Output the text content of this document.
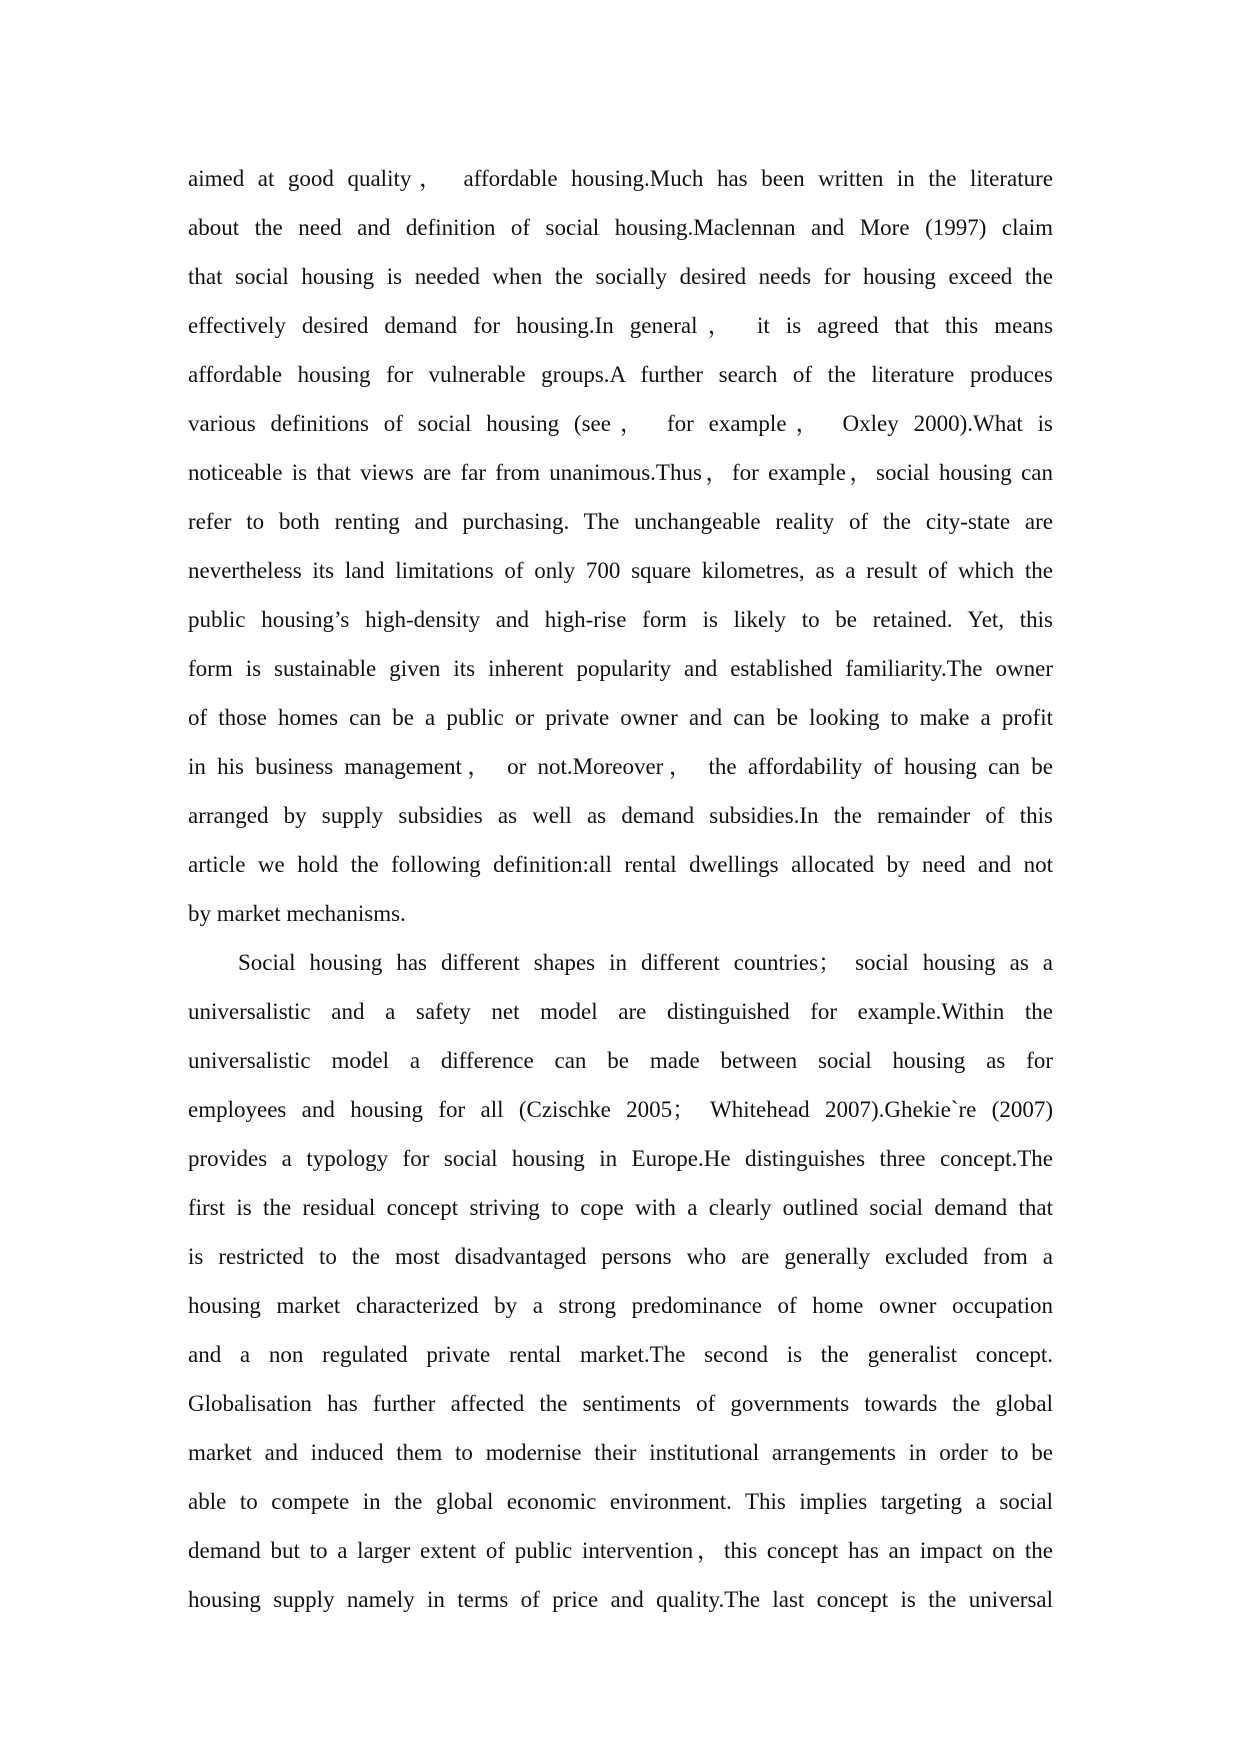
aimed at good quality， affordable housing.Much has been written in the literature
about the need and definition of social housing.Maclennan and More (1997) claim
that social housing is needed when the socially desired needs for housing exceed the
effectively desired demand for housing.In general， it is agreed that this means
affordable housing for vulnerable groups.A further search of the literature produces
various definitions of social housing (see， for example， Oxley 2000).What is
noticeable is that views are far from unanimous.Thus，for example，social housing can
refer to both renting and purchasing. The unchangeable reality of the city-state are
nevertheless its land limitations of only 700 square kilometres, as a result of which the
public housing’s high-density and high-rise form is likely to be retained. Yet, this
form is sustainable given its inherent popularity and established familiarity.The owner
of those homes can be a public or private owner and can be looking to make a profit
in his business management， or not.Moreover， the affordability of housing can be
arranged by supply subsidies as well as demand subsidies.In the remainder of this
article we hold the following definition:all rental dwellings allocated by need and not
by market mechanisms.
Social housing has different shapes in different countries； social housing as a
universalistic and a safety net model are distinguished for example.Within the
universalistic model a difference can be made between social housing as for
employees and housing for all (Czischke 2005； Whitehead 2007).Ghekie`re (2007)
provides a typology for social housing in Europe.He distinguishes three concept.The
first is the residual concept striving to cope with a clearly outlined social demand that
is restricted to the most disadvantaged persons who are generally excluded from a
housing market characterized by a strong predominance of home owner occupation
and a non regulated private rental market.The second is the generalist concept.
Globalisation has further affected the sentiments of governments towards the global
market and induced them to modernise their institutional arrangements in order to be
able to compete in the global economic environment. This implies targeting a social
demand but to a larger extent of public intervention，this concept has an impact on the
housing supply namely in terms of price and quality.The last concept is the universal
